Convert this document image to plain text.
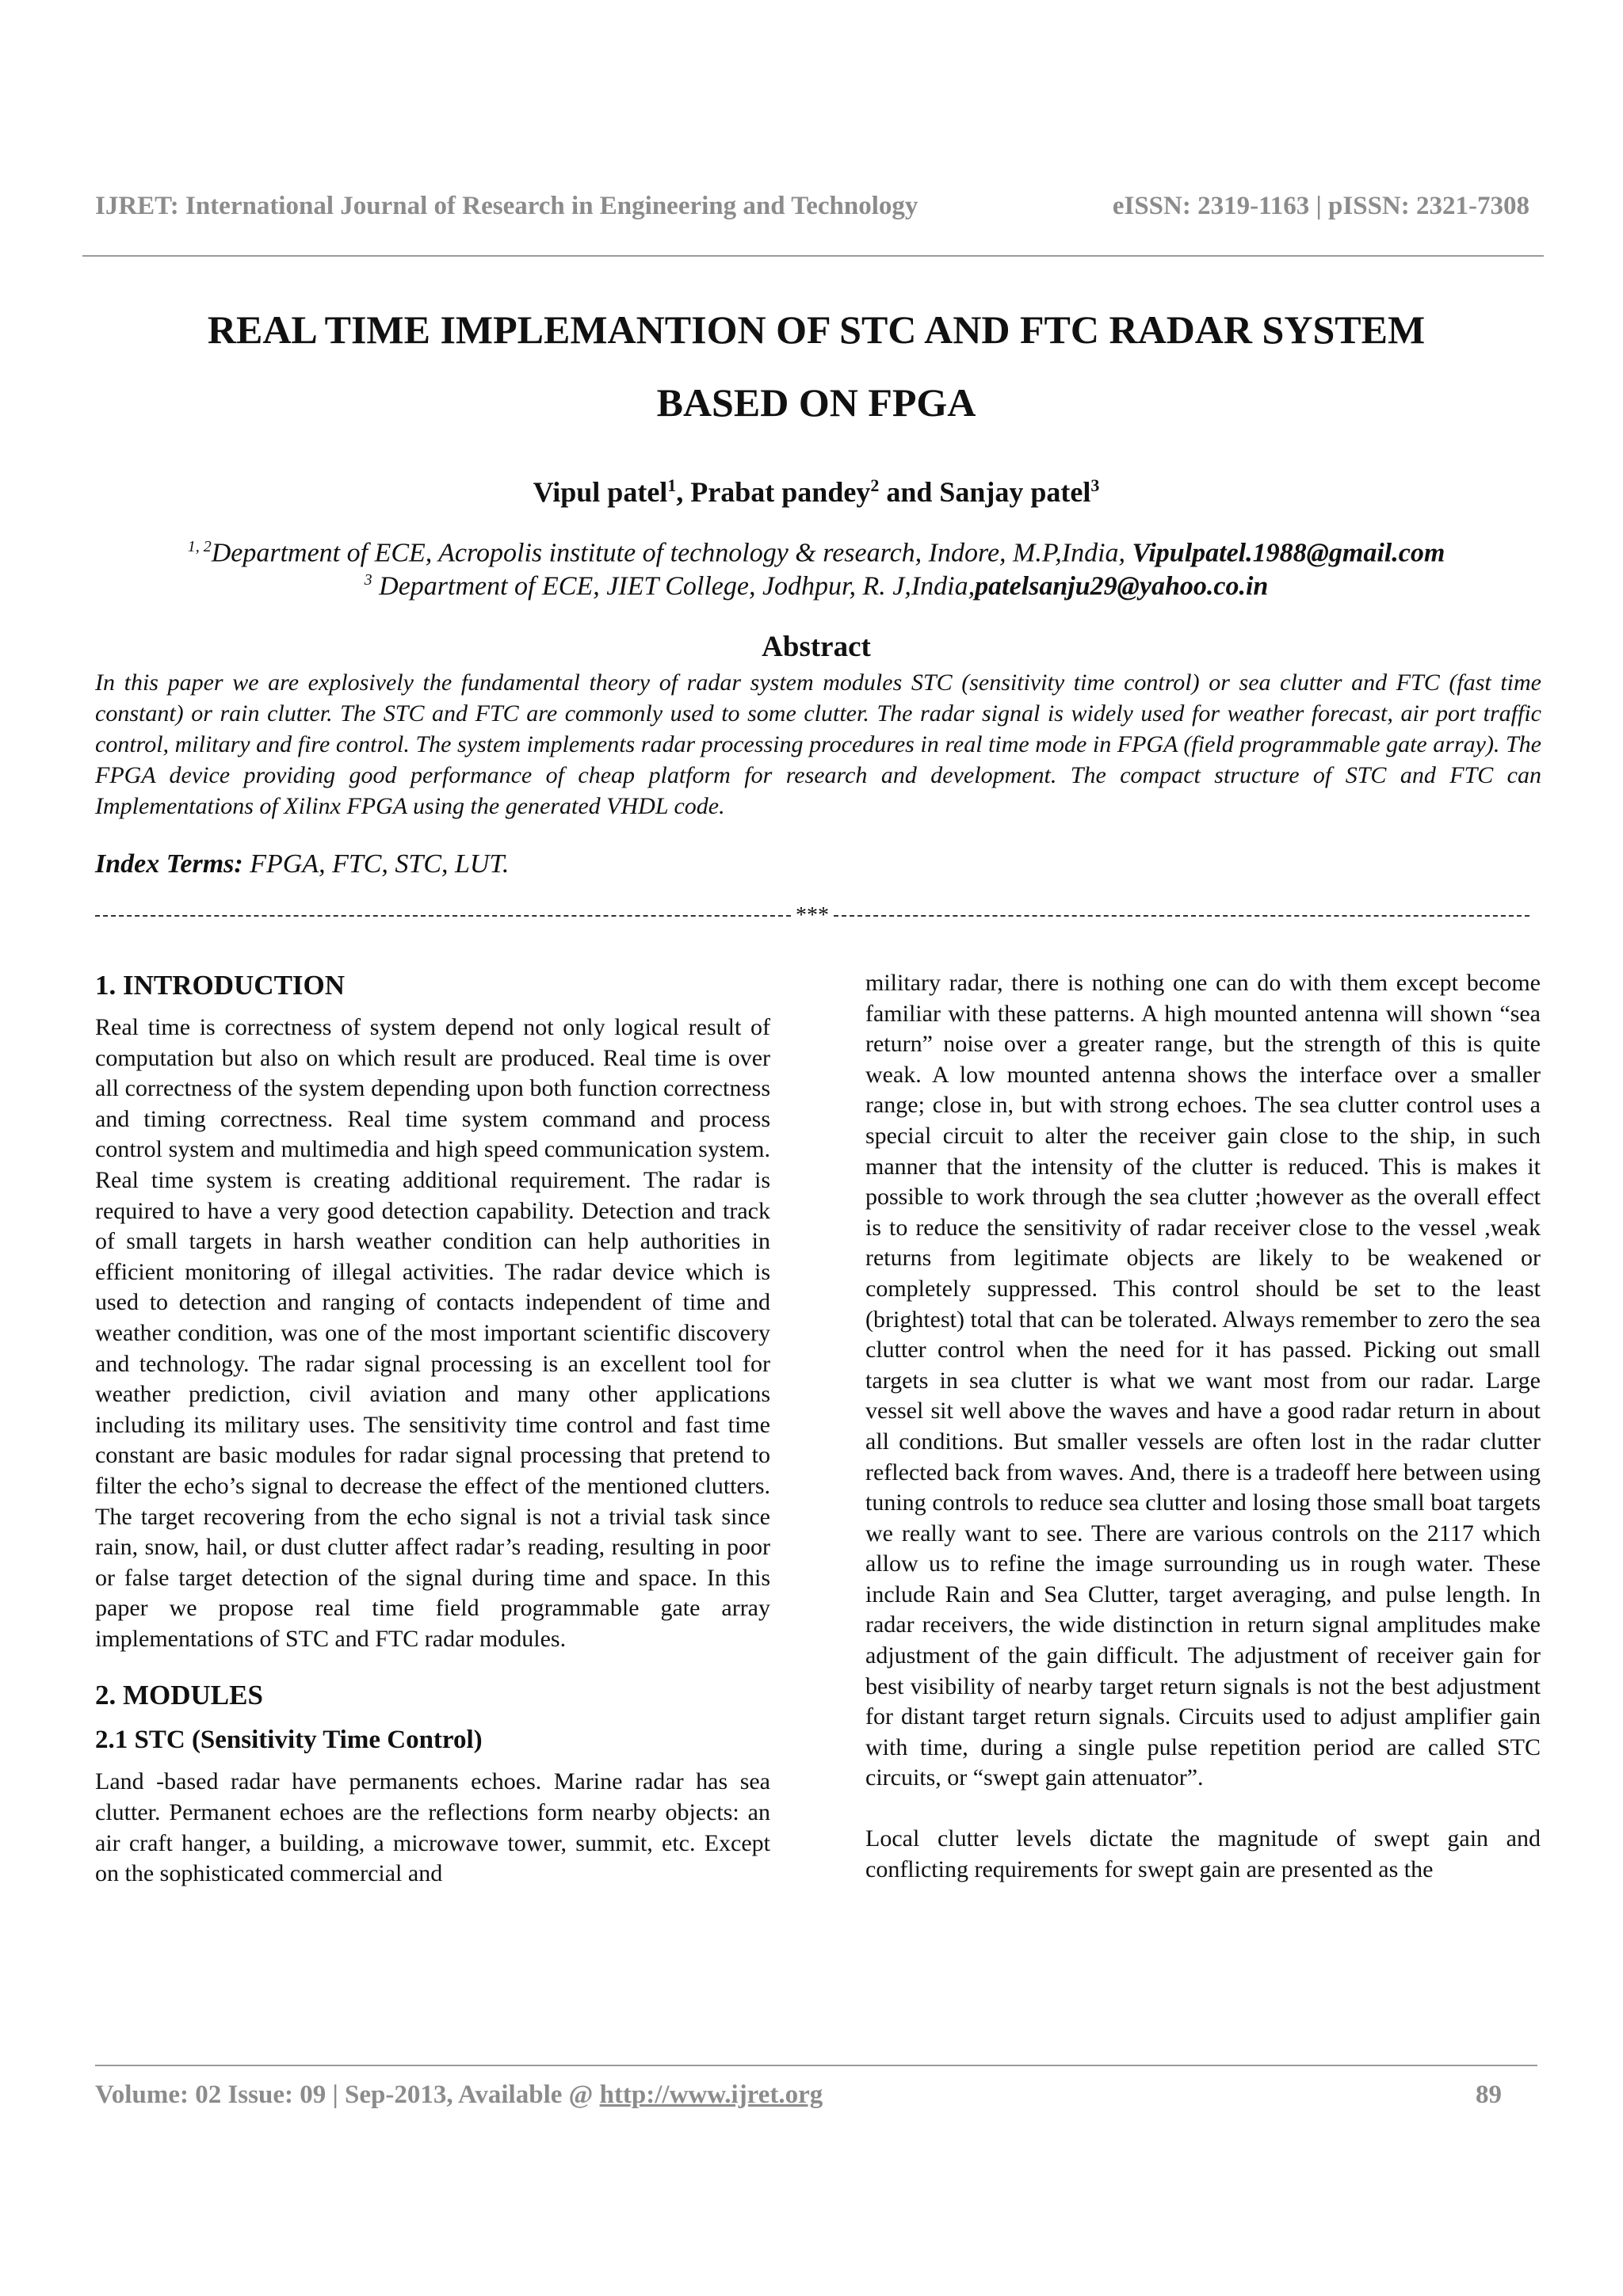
IJRET: International Journal of Research in Engineering and Technology	eISSN: 2319-1163 | pISSN: 2321-7308
REAL TIME IMPLEMANTION OF STC AND FTC RADAR SYSTEM
BASED ON FPGA
Vipul patel$^1$, Prabat pandey$^2$ and Sanjay patel$^3$
$^{1, 2}$Department of ECE, Acropolis institute of technology & research, Indore, M.P,India, Vipulpatel.1988@gmail.com
$^3$ Department of ECE, JIET College, Jodhpur, R. J,India,patelsanju29@yahoo.co.in
Abstract
In this paper we are explosively the fundamental theory of radar system modules STC (sensitivity time control) or sea clutter and FTC (fast time constant) or rain clutter. The STC and FTC are commonly used to some clutter. The radar signal is widely used for weather forecast, air port traffic control, military and fire control. The system implements radar processing procedures in real time mode in FPGA (field programmable gate array). The FPGA device providing good performance of cheap platform for research and development. The compact structure of STC and FTC can Implementations of Xilinx FPGA using the generated VHDL code.
Index Terms: FPGA, FTC, STC, LUT.
***
1. INTRODUCTION

Real time is correctness of system depend not only logical result of computation but also on which result are produced. Real time is over all correctness of the system depending upon both function correctness and timing correctness. Real time system command and process control system and multimedia and high speed communication system. Real time system is creating additional requirement. The radar is required to have a very good detection capability. Detection and track of small targets in harsh weather condition can help authorities in efficient monitoring of illegal activities. The radar device which is used to detection and ranging of contacts independent of time and weather condition, was one of the most important scientific discovery and technology. The radar signal processing is an excellent tool for weather prediction, civil aviation and many other applications including its military uses. The sensitivity time control and fast time constant are basic modules for radar signal processing that pretend to filter the echo’s signal to decrease the effect of the mentioned clutters. The target recovering from the echo signal is not a trivial task since rain, snow, hail, or dust clutter affect radar’s reading, resulting in poor or false target detection of the signal during time and space. In this paper we propose real time field programmable gate array implementations of STC and FTC radar modules.

2. MODULES
2.1 STC (Sensitivity Time Control)

Land -based radar have permanents echoes. Marine radar has sea clutter. Permanent echoes are the reflections form nearby objects: an air craft hanger, a building, a microwave tower, summit, etc. Except on the sophisticated commercial and

military radar, there is nothing one can do with them except become familiar with these patterns. A high mounted antenna will shown “sea return” noise over a greater range, but the strength of this is quite weak. A low mounted antenna shows the interface over a smaller range; close in, but with strong echoes. The sea clutter control uses a special circuit to alter the receiver gain close to the ship, in such manner that the intensity of the clutter is reduced. This is makes it possible to work through the sea clutter ;however as the overall effect is to reduce the sensitivity of radar receiver close to the vessel ,weak returns from legitimate objects are likely to be weakened or completely suppressed. This control should be set to the least (brightest) total that can be tolerated. Always remember to zero the sea clutter control when the need for it has passed. Picking out small targets in sea clutter is what we want most from our radar. Large vessel sit well above the waves and have a good radar return in about all conditions. But smaller vessels are often lost in the radar clutter reflected back from waves. And, there is a tradeoff here between using tuning controls to reduce sea clutter and losing those small boat targets we really want to see. There are various controls on the 2117 which allow us to refine the image surrounding us in rough water. These include Rain and Sea Clutter, target averaging, and pulse length. In radar receivers, the wide distinction in return signal amplitudes make adjustment of the gain difficult. The adjustment of receiver gain for best visibility of nearby target return signals is not the best adjustment for distant target return signals. Circuits used to adjust amplifier gain with time, during a single pulse repetition period are called STC circuits, or “swept gain attenuator”.

Local clutter levels dictate the magnitude of swept gain and conflicting requirements for swept gain are presented as the

Volume: 02 Issue: 09 | Sep-2013, Available @ http://www.ijret.org	89
